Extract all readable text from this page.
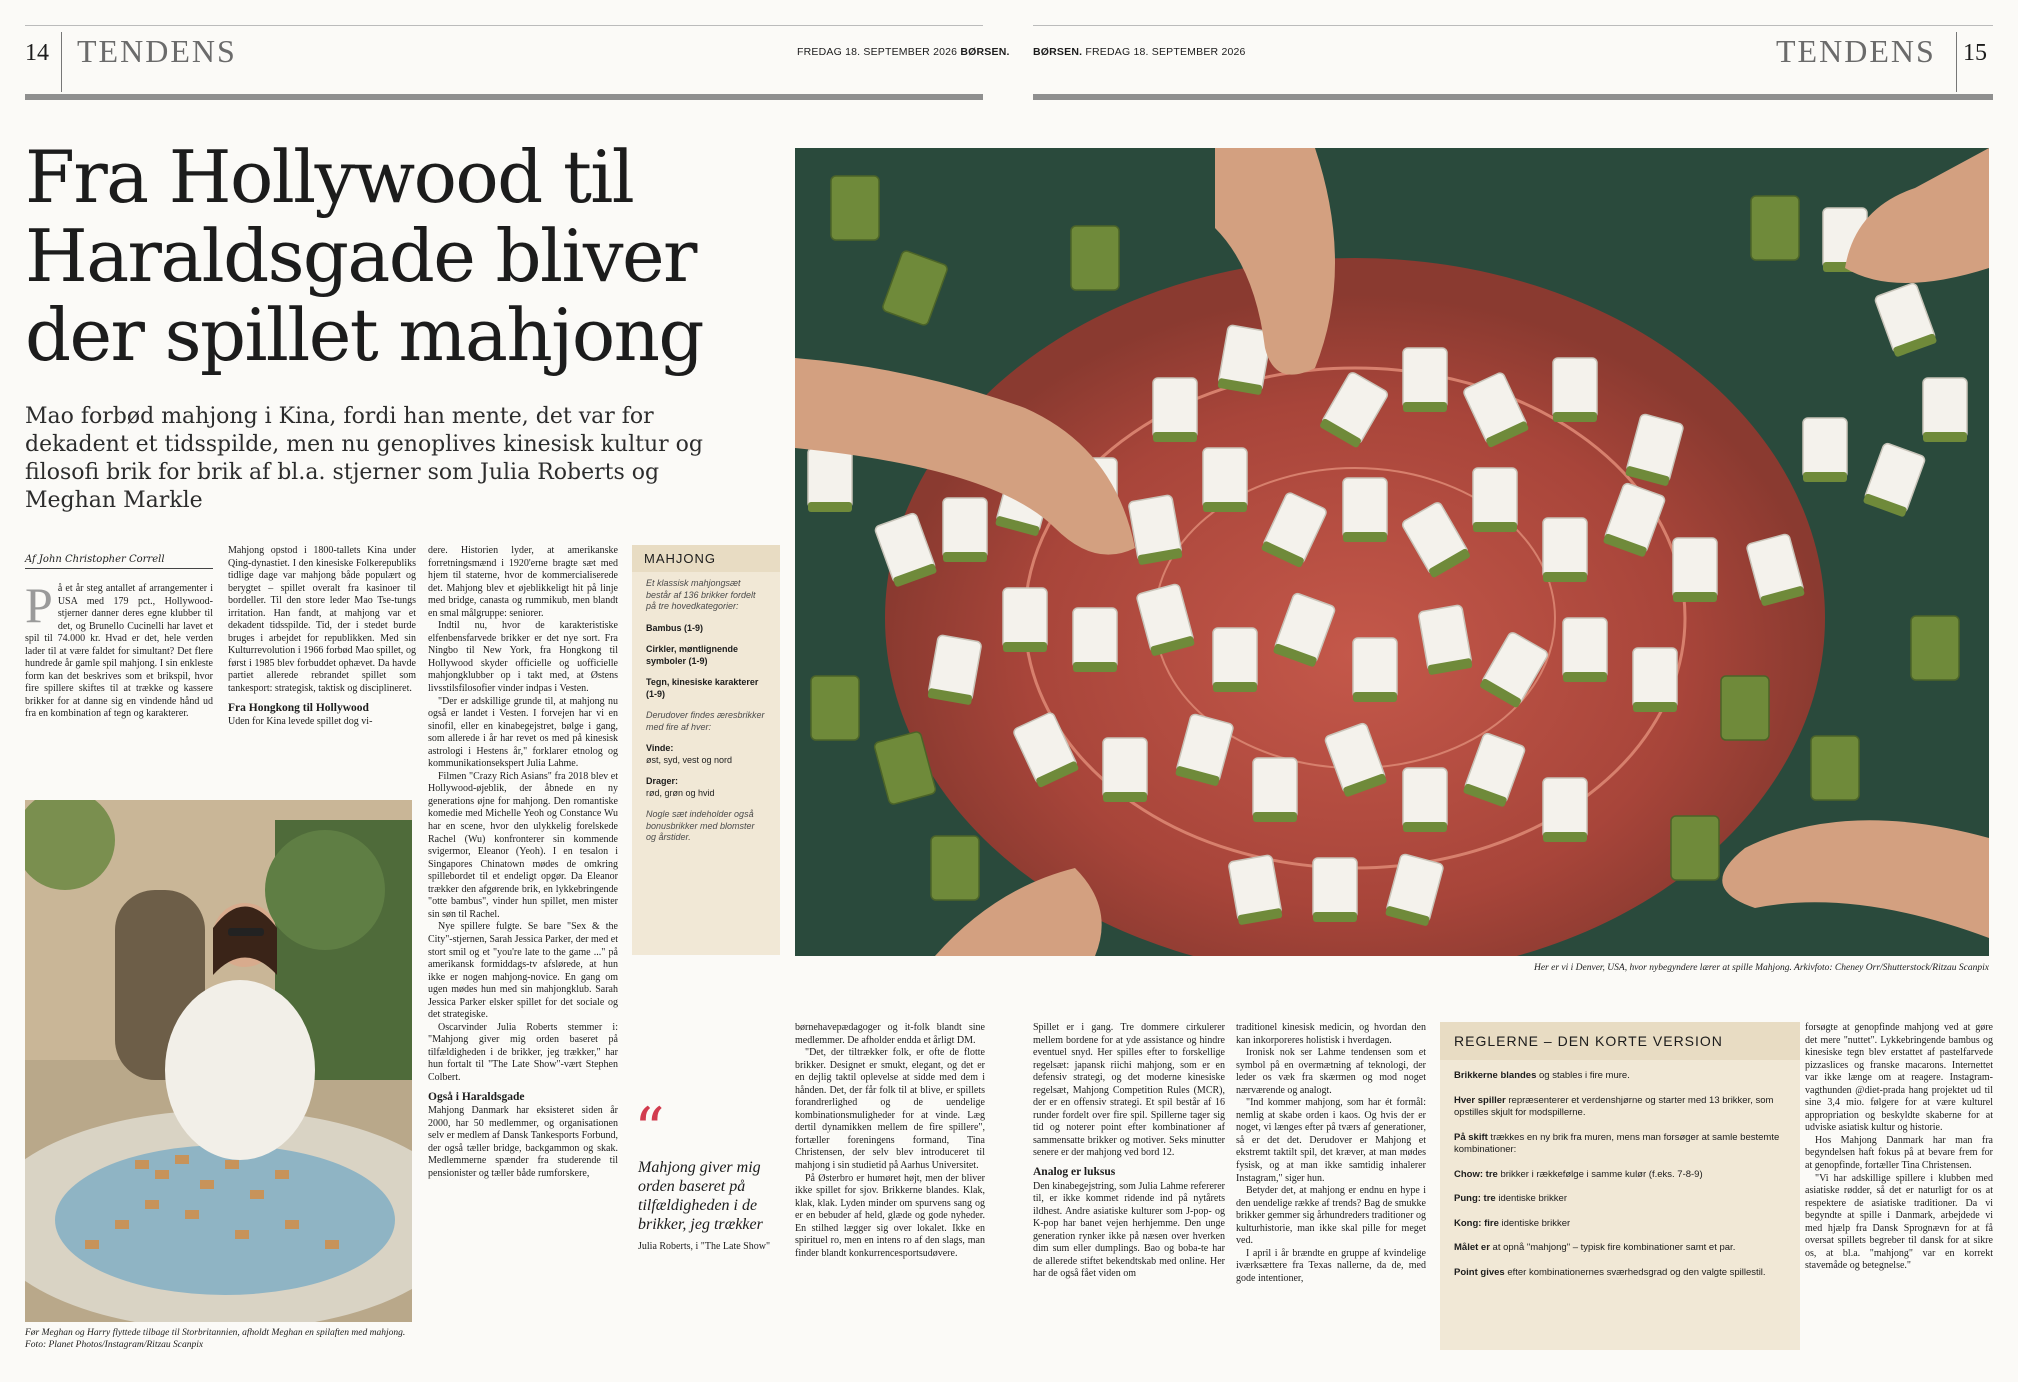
14 TENDENS	FREDAG 18. SEPTEMBER 2026 BØRSEN. BØRSEN. FREDAG 18. SEPTEMBER 2026	TENDENS 15
Fra Hollywood til Haraldsgade bliver der spillet mahjong
Mao forbød mahjong i Kina, fordi han mente, det var for dekadent et tidsspilde, men nu genoplives kinesisk kultur og filosofi brik for brik af bl.a. stjerner som Julia Roberts og Meghan Markle
Af John Christopher Correll
P å et år steg antallet af arrangementer i USA med 179 pct., Hollywood-stjerner danner deres egne klubber til det, og Brunello Cucinelli har lavet et spil til 74.000 kr. Hvad er det, hele verden lader til at være faldet for simultant? Det flere hundrede år gamle spil mahjong. I sin enkleste form kan det beskrives som et brikspil, hvor fire spillere skiftes til at trække og kassere brikker for at danne sig en vindende hånd ud fra en kombination af tegn og karakterer.

Mahjong opstod i 1800-tallets Kina under Qing-dynastiet. I den kinesiske Folkerepubliks tidlige dage var mahjong både populært og berygtet – spillet overalt fra kasinoer til bordeller. Til den store leder Mao Tse-tungs irritation. Han fandt, at mahjong var et dekadent tidsspilde. Tid, der i stedet burde bruges i arbejdet for republikken. Med sin Kulturrevolution i 1966 forbød Mao spillet, og først i 1985 blev forbuddet ophævet. Da havde partiet allerede rebrandet spillet som tankesport: strategisk, taktisk og disciplineret.

Fra Hongkong til Hollywood

Uden for Kina levede spillet dog vi-

dere. Historien lyder, at amerikanske forretningsmænd i 1920'erne bragte sæt med hjem til staterne, hvor de kommercialiserede det. Mahjong blev et øjeblikkeligt hit på linje med bridge, canasta og rummikub, men blandt en smal målgruppe: seniorer.

Indtil nu, hvor de karakteristiske elfenbensfarvede brikker er det nye sort. Fra Ningbo til New York, fra Hongkong til Hollywood skyder officielle og uofficielle mahjongklubber op i takt med, at Østens livsstilsfilosofier vinder indpas i Vesten.

"Der er adskillige grunde til, at mahjong nu også er landet i Vesten. I forvejen har vi en sinofil, eller en kinabegejstret, bølge i gang, som allerede i år har revet os med på kinesisk astrologi i Hestens år," forklarer etnolog og kommunikationsekspert Julia Lahme.

Filmen "Crazy Rich Asians" fra 2018 blev et Hollywood-øjeblik, der åbnede en ny generations øjne for mahjong. Den romantiske komedie med Michelle Yeoh og Constance Wu har en scene, hvor den ulykkelig forelskede Rachel (Wu) konfronterer sin kommende svigermor, Eleanor (Yeoh). I en tesalon i Singapores Chinatown mødes de omkring spillebordet til et endeligt opgør. Da Eleanor trækker den afgørende brik, en lykkebringende "otte bambus", vinder hun spillet, men mister sin søn til Rachel.

Nye spillere fulgte. Se bare "Sex & the City"-stjernen, Sarah Jessica Parker, der med et stort smil og et "you're late to the game ..." på amerikansk formiddags-tv afslørede, at hun ikke er nogen mahjong-novice. En gang om ugen mødes hun med sin mahjongklub. Sarah Jessica Parker elsker spillet for det sociale og det strategiske.

Oscarvinder Julia Roberts stemmer i: "Mahjong giver mig orden baseret på tilfældigheden i de brikker, jeg trækker," har hun fortalt til "The Late Show"-vært Stephen Colbert.

Også i Haraldsgade

Mahjong Danmark har eksisteret siden år 2000, har 50 medlemmer, og organisationen selv er medlem af Dansk Tankesports Forbund, der også tæller bridge, backgammon og skak. Medlemmerne spænder fra studerende til pensionister og tæller både rumforskere,

MAHJONG

Et klassisk mahjongsæt består af 136 brikker fordelt på tre hovedkategorier:

Bambus (1-9)

Cirkler, møntlignende symboler (1-9)

Tegn, kinesiske karakterer (1-9)

Derudover findes æresbrikker med fire af hver:

Vinde:
øst, syd, vest og nord

Drager:
rød, grøn og hvid

Nogle sæt indeholder også bonusbrikker med blomster og årstider.

Før Meghan og Harry flyttede tilbage til Storbritannien, afholdt Meghan en spilaften med mahjong. Foto: Planet Photos/Instagram/Ritzau Scanpix
Her er vi i Denver, USA, hvor nybegyndere lærer at spille Mahjong. Arkivfoto: Cheney Orr/Shutterstock/Ritzau Scanpix

børnehavepædagoger og it-folk blandt sine medlemmer. De afholder endda et årligt DM.

"Det, der tiltrækker folk, er ofte de flotte brikker. Designet er smukt, elegant, og det er en dejlig taktil oplevelse at sidde med dem i hånden. Det, der får folk til at blive, er spillets forandrerlighed og de uendelige kombinationsmuligheder for at vinde. Læg dertil dynamikken mellem de fire spillere", fortæller foreningens formand, Tina Christensen, der selv blev introduceret til mahjong i sin studietid på Aarhus Universitet.

På Østerbro er humøret højt, men der bliver ikke spillet for sjov. Brikkerne blandes. Klak, klak, klak. Lyden minder om spurvens sang og er en bebuder af held, glæde og gode nyheder. En stilhed lægger sig over lokalet. Ikke en spirituel ro, men en intens ro af den slags, man finder blandt konkurrencesportsudøvere.

“
Mahjong giver mig orden baseret på tilfældigheden i de brikker, jeg trækker
Julia Roberts, i "The Late Show"

Spillet er i gang. Tre dommere cirkulerer mellem bordene for at yde assistance og hindre eventuel snyd. Her spilles efter to forskellige regelsæt: japansk riichi mahjong, som er en defensiv strategi, og det moderne kinesiske regelsæt, Mahjong Competition Rules (MCR), der er en offensiv strategi. Et spil består af 16 runder fordelt over fire spil. Spillerne tager sig tid og noterer point efter kombinationer af sammensatte brikker og motiver. Seks minutter senere er der mahjong ved bord 12.

Analog er luksus

Den kinabegejstring, som Julia Lahme refererer til, er ikke kommet ridende ind på nytårets ildhest. Andre asiatiske kulturer som J-pop- og K-pop har banet vejen herhjemme. Den unge generation rynker ikke på næsen over hverken dim sum eller dumplings. Bao og boba-te har de allerede stiftet bekendtskab med online. Her har de også fået viden om

traditionel kinesisk medicin, og hvordan den kan inkorporeres holistisk i hverdagen.

Ironisk nok ser Lahme tendensen som et symbol på en overmætning af teknologi, der leder os væk fra skærmen og mod noget nærværende og analogt.

"Ind kommer mahjong, som har ét formål: nemlig at skabe orden i kaos. Og hvis der er noget, vi længes efter på tværs af generationer, så er det det. Derudover er Mahjong et ekstremt taktilt spil, det kræver, at man mødes fysisk, og at man ikke samtidig inhalerer Instagram," siger hun.

Betyder det, at mahjong er endnu en hype i den uendelige række af trends? Bag de smukke brikker gemmer sig århundreders traditioner og kulturhistorie, man ikke skal pille for meget ved.

I april i år brændte en gruppe af kvindelige iværksættere fra Texas nallerne, da de, med gode intentioner,

REGLERNE – DEN KORTE VERSION

Brikkerne blandes og stables i fire mure.

Hver spiller repræsenterer et verdenshjørne og starter med 13 brikker, som opstilles skjult for modspillerne.

På skift trækkes en ny brik fra muren, mens man forsøger at samle bestemte kombinationer:

Chow: tre brikker i rækkefølge i samme kulør (f.eks. 7-8-9)

Pung: tre identiske brikker

Kong: fire identiske brikker

Målet er at opnå "mahjong" – typisk fire kombinationer samt et par.

Point gives efter kombinationernes sværhedsgrad og den valgte spillestil.

forsøgte at genopfinde mahjong ved at gøre det mere "nuttet". Lykkebringende bambus og kinesiske tegn blev erstattet af pastelfarvede pizzaslices og franske macarons. Internettet var ikke længe om at reagere. Instagram-vagthunden @diet-prada hang projektet ud til sine 3,4 mio. følgere for at være kulturel appropriation og beskyldte skaberne for at udviske asiatisk kultur og historie.

Hos Mahjong Danmark har man fra begyndelsen haft fokus på at bevare frem for at genopfinde, fortæller Tina Christensen.

"Vi har adskillige spillere i klubben med asiatiske rødder, så det er naturligt for os at respektere de asiatiske traditioner. Da vi begyndte at spille i Danmark, arbejdede vi med hjælp fra Dansk Sprognævn for at få oversat spillets begreber til dansk for at sikre os, at bl.a. "mahjong" var en korrekt stavemåde og betegnelse."
